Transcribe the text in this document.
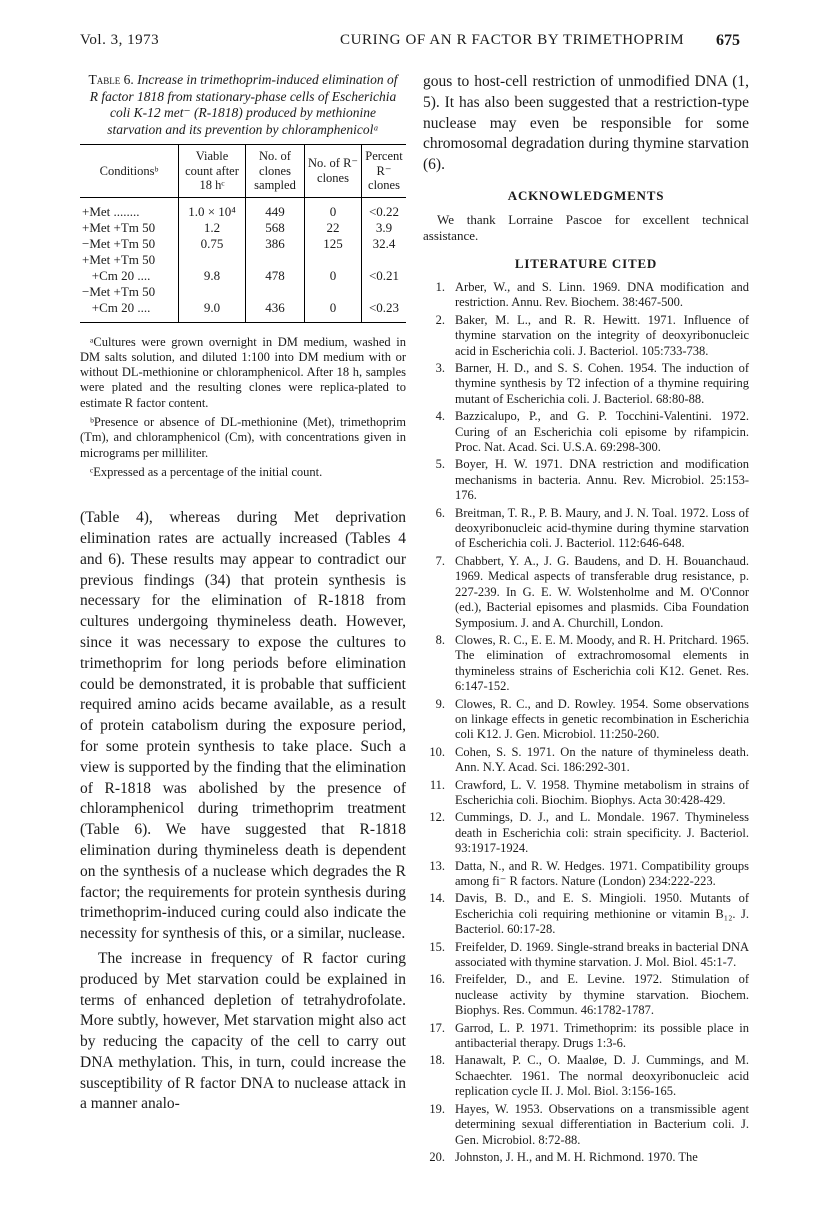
Vol. 3, 1973	CURING OF AN R FACTOR BY TRIMETHOPRIM 675
Table 6. Increase in trimethoprim-induced elimination of R factor 1818 from stationary-phase cells of Escherichia coli K-12 met⁻ (R-1818) produced by methionine starvation and its prevention by chloramphenicolᵃ
Conditionsᵇ	Viable count after 18 hᶜ	No. of clones sampled	No. of R⁻ clones	Percent R⁻ clones

+Met ........	1.0 × 10⁴	449	0	<0.22

+Met +Tm 50	1.2	568	22	3.9

−Met +Tm 50	0.75	386	125	32.4

+Met +Tm 50
+Cm 20 ....	9.8	478	0	<0.21

−Met +Tm 50
+Cm 20 ....	9.0	436	0	<0.23

ᵃCultures were grown overnight in DM medium, washed in DM salts solution, and diluted 1:100 into DM medium with or without DL-methionine or chloramphenicol. After 18 h, samples were plated and the resulting clones were replica-plated to estimate R factor content.

ᵇPresence or absence of DL-methionine (Met), trimethoprim (Tm), and chloramphenicol (Cm), with concentrations given in micrograms per milliliter.

ᶜExpressed as a percentage of the initial count.

(Table 4), whereas during Met deprivation elimination rates are actually increased (Tables 4 and 6). These results may appear to contradict our previous findings (34) that protein synthesis is necessary for the elimination of R-1818 from cultures undergoing thymineless death. However, since it was necessary to expose the cultures to trimethoprim for long periods before elimination could be demonstrated, it is probable that sufficient required amino acids became available, as a result of protein catabolism during the exposure period, for some protein synthesis to take place. Such a view is supported by the finding that the elimination of R-1818 was abolished by the presence of chloramphenicol during trimethoprim treatment (Table 6). We have suggested that R-1818 elimination during thymineless death is dependent on the synthesis of a nuclease which degrades the R factor; the requirements for protein synthesis during trimethoprim-induced curing could also indicate the necessity for synthesis of this, or a similar, nuclease.

The increase in frequency of R factor curing produced by Met starvation could be explained in terms of enhanced depletion of tetrahydrofolate. More subtly, however, Met starvation might also act by reducing the capacity of the cell to carry out DNA methylation. This, in turn, could increase the susceptibility of R factor DNA to nuclease attack in a manner analo-

gous to host-cell restriction of unmodified DNA (1, 5). It has also been suggested that a restriction-type nuclease may even be responsible for some chromosomal degradation during thymine starvation (6).

ACKNOWLEDGMENTS

We thank Lorraine Pascoe for excellent technical assistance.

LITERATURE CITED
1. Arber, W., and S. Linn. 1969. DNA modification and restriction. Annu. Rev. Biochem. 38:467-500.
2. Baker, M. L., and R. R. Hewitt. 1971. Influence of thymine starvation on the integrity of deoxyribonucleic acid in Escherichia coli. J. Bacteriol. 105:733-738.
3. Barner, H. D., and S. S. Cohen. 1954. The induction of thymine synthesis by T2 infection of a thymine requiring mutant of Escherichia coli. J. Bacteriol. 68:80-88.
4. Bazzicalupo, P., and G. P. Tocchini-Valentini. 1972. Curing of an Escherichia coli episome by rifampicin. Proc. Nat. Acad. Sci. U.S.A. 69:298-300.
5. Boyer, H. W. 1971. DNA restriction and modification mechanisms in bacteria. Annu. Rev. Microbiol. 25:153-176.
6. Breitman, T. R., P. B. Maury, and J. N. Toal. 1972. Loss of deoxyribonucleic acid-thymine during thymine starvation of Escherichia coli. J. Bacteriol. 112:646-648.
7. Chabbert, Y. A., J. G. Baudens, and D. H. Bouanchaud. 1969. Medical aspects of transferable drug resistance, p. 227-239. In G. E. W. Wolstenholme and M. O'Connor (ed.), Bacterial episomes and plasmids. Ciba Foundation Symposium. J. and A. Churchill, London.
8. Clowes, R. C., E. E. M. Moody, and R. H. Pritchard. 1965. The elimination of extrachromosomal elements in thymineless strains of Escherichia coli K12. Genet. Res. 6:147-152.
9. Clowes, R. C., and D. Rowley. 1954. Some observations on linkage effects in genetic recombination in Escherichia coli K12. J. Gen. Microbiol. 11:250-260.
10. Cohen, S. S. 1971. On the nature of thymineless death. Ann. N.Y. Acad. Sci. 186:292-301.
11. Crawford, L. V. 1958. Thymine metabolism in strains of Escherichia coli. Biochim. Biophys. Acta 30:428-429.
12. Cummings, D. J., and L. Mondale. 1967. Thymineless death in Escherichia coli: strain specificity. J. Bacteriol. 93:1917-1924.
13. Datta, N., and R. W. Hedges. 1971. Compatibility groups among fi⁻ R factors. Nature (London) 234:222-223.
14. Davis, B. D., and E. S. Mingioli. 1950. Mutants of Escherichia coli requiring methionine or vitamin B₁₂. J. Bacteriol. 60:17-28.
15. Freifelder, D. 1969. Single-strand breaks in bacterial DNA associated with thymine starvation. J. Mol. Biol. 45:1-7.
16. Freifelder, D., and E. Levine. 1972. Stimulation of nuclease activity by thymine starvation. Biochem. Biophys. Res. Commun. 46:1782-1787.
17. Garrod, L. P. 1971. Trimethoprim: its possible place in antibacterial therapy. Drugs 1:3-6.
18. Hanawalt, P. C., O. Maaløe, D. J. Cummings, and M. Schaechter. 1961. The normal deoxyribonucleic acid replication cycle II. J. Mol. Biol. 3:156-165.
19. Hayes, W. 1953. Observations on a transmissible agent determining sexual differentiation in Bacterium coli. J. Gen. Microbiol. 8:72-88.
20. Johnston, J. H., and M. H. Richmond. 1970. The
